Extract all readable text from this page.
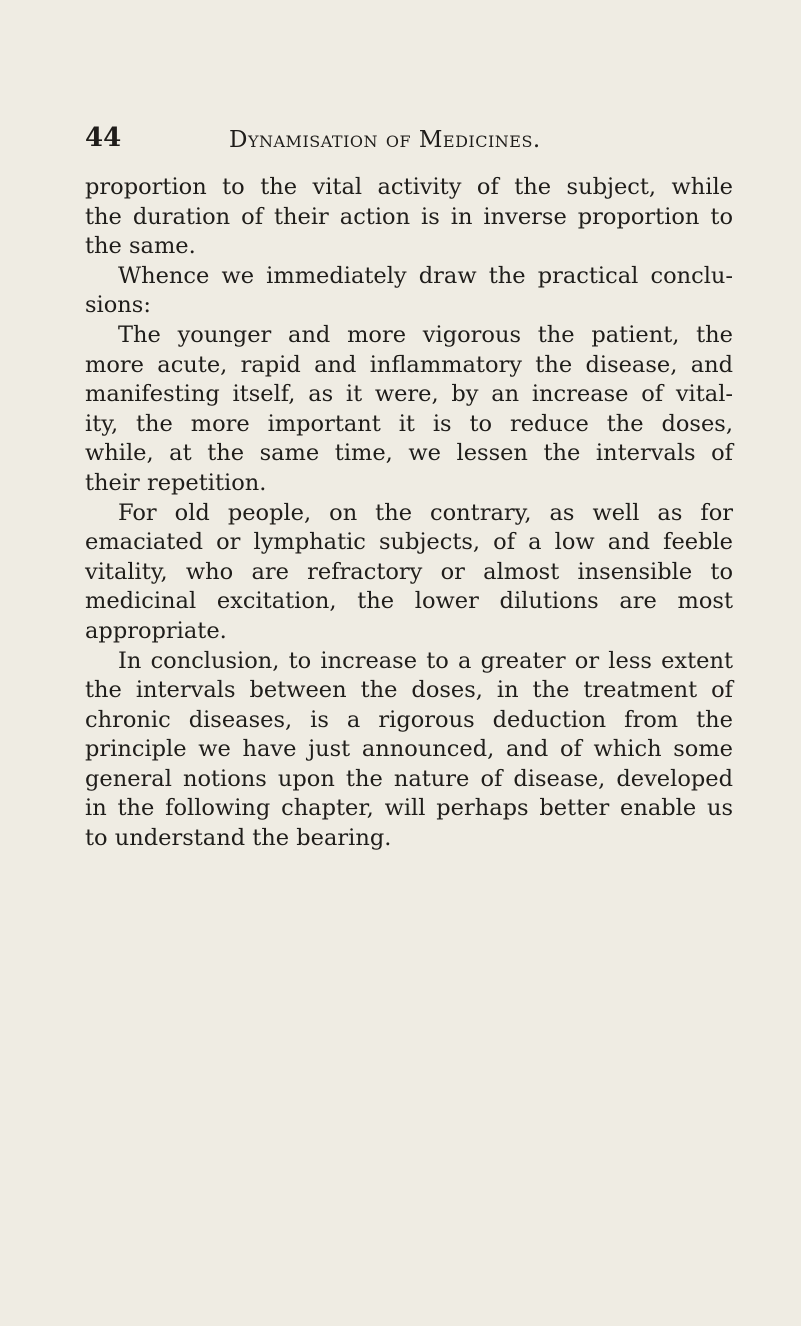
44	Dynamisation of Medicines.
proportion to the vital activity of the subject, while
the duration of their action is in inverse proportion to
the same.
Whence we immediately draw the practical conclu-
sions:
The younger and more vigorous the patient, the
more acute, rapid and inflammatory the disease, and
manifesting itself, as it were, by an increase of vital-
ity, the more important it is to reduce the doses,
while, at the same time, we lessen the intervals of
their repetition.
For old people, on the contrary, as well as for
emaciated or lymphatic subjects, of a low and feeble
vitality, who are refractory or almost insensible to
medicinal excitation, the lower dilutions are most
appropriate.
In conclusion, to increase to a greater or less extent
the intervals between the doses, in the treatment of
chronic diseases, is a rigorous deduction from the
principle we have just announced, and of which some
general notions upon the nature of disease, developed
in the following chapter, will perhaps better enable us
to understand the bearing.
